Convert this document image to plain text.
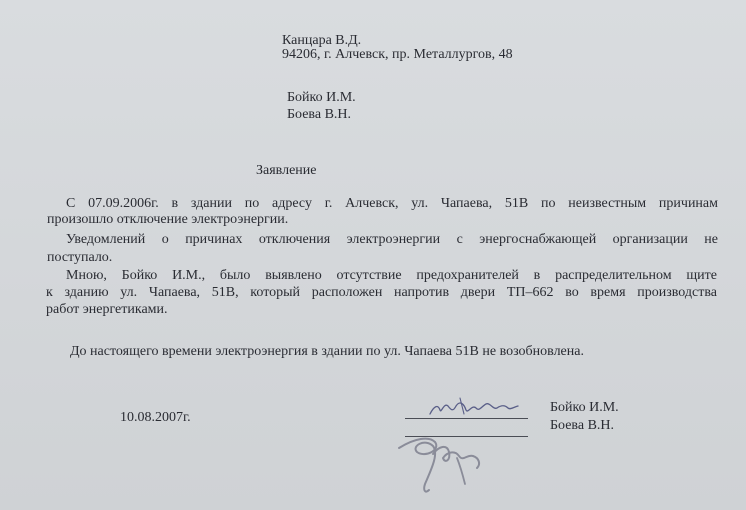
Канцара В.Д.
94206, г. Алчевск, пр. Металлургов, 48
Бойко И.М.
Боева В.Н.
Заявление
С 07.09.2006г. в здании по адресу г. Алчевск, ул. Чапаева, 51В по неизвестным причинам
произошло отключение электроэнергии.
Уведомлений о причинах отключения электроэнергии с энергоснабжающей организации не
поступало.
Мною, Бойко И.М., было выявлено отсутствие предохранителей в распределительном щите
к зданию ул. Чапаева, 51В, который расположен напротив двери ТП–662 во время производства
работ энергетиками.
До настоящего времени электроэнергия в здании по ул. Чапаева 51В не возобновлена.
10.08.2007г.
Бойко И.М.
Боева В.Н.
